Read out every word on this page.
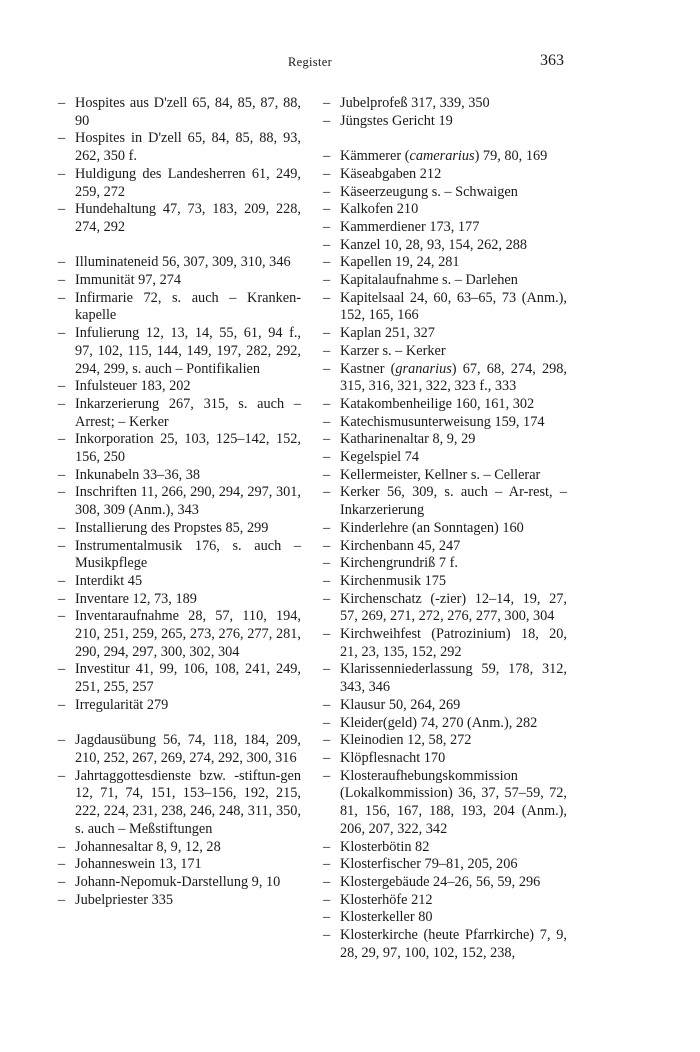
Register	363
– Hospites aus D'zell 65, 84, 85, 87, 88, 90
– Hospites in D'zell 65, 84, 85, 88, 93, 262, 350 f.
– Huldigung des Landesherren 61, 249, 259, 272
– Hundehaltung 47, 73, 183, 209, 228, 274, 292
– Illuminateneid 56, 307, 309, 310, 346
– Immunität 97, 274
– Infirmarie 72, s. auch – Kranken-kapelle
– Infulierung 12, 13, 14, 55, 61, 94 f., 97, 102, 115, 144, 149, 197, 282, 292, 294, 299, s. auch – Pontifikalien
– Infulsteuer 183, 202
– Inkarzerierung 267, 315, s. auch – Arrest; – Kerker
– Inkorporation 25, 103, 125–142, 152, 156, 250
– Inkunabeln 33–36, 38
– Inschriften 11, 266, 290, 294, 297, 301, 308, 309 (Anm.), 343
– Installierung des Propstes 85, 299
– Instrumentalmusik 176, s. auch – Musikpflege
– Interdikt 45
– Inventare 12, 73, 189
– Inventaraufnahme 28, 57, 110, 194, 210, 251, 259, 265, 273, 276, 277, 281, 290, 294, 297, 300, 302, 304
– Investitur 41, 99, 106, 108, 241, 249, 251, 255, 257
– Irregularität 279
– Jagdausübung 56, 74, 118, 184, 209, 210, 252, 267, 269, 274, 292, 300, 316
– Jahrtaggottesdienste bzw. -stiftun-gen 12, 71, 74, 151, 153–156, 192, 215, 222, 224, 231, 238, 246, 248, 311, 350, s. auch – Meßstiftungen
– Johannesaltar 8, 9, 12, 28
– Johanneswein 13, 171
– Johann-Nepomuk-Darstellung 9, 10
– Jubelpriester 335
– Jubelprofeß 317, 339, 350
– Jüngstes Gericht 19
– Kämmerer (camerarius) 79, 80, 169
– Käseabgaben 212
– Käseerzeugung s. – Schwaigen
– Kalkofen 210
– Kammerdiener 173, 177
– Kanzel 10, 28, 93, 154, 262, 288
– Kapellen 19, 24, 281
– Kapitalaufnahme s. – Darlehen
– Kapitelsaal 24, 60, 63–65, 73 (Anm.), 152, 165, 166
– Kaplan 251, 327
– Karzer s. – Kerker
– Kastner (granarius) 67, 68, 274, 298, 315, 316, 321, 322, 323 f., 333
– Katakombenheilige 160, 161, 302
– Katechismusunterweisung 159, 174
– Katharinenaltar 8, 9, 29
– Kegelspiel 74
– Kellermeister, Kellner s. – Cellerar
– Kerker 56, 309, s. auch – Ar-rest, – Inkarzerierung
– Kinderlehre (an Sonntagen) 160
– Kirchenbann 45, 247
– Kirchengrundriß 7 f.
– Kirchenmusik 175
– Kirchenschatz (-zier) 12–14, 19, 27, 57, 269, 271, 272, 276, 277, 300, 304
– Kirchweihfest (Patrozinium) 18, 20, 21, 23, 135, 152, 292
– Klarissenniederlassung 59, 178, 312, 343, 346
– Klausur 50, 264, 269
– Kleider(geld) 74, 270 (Anm.), 282
– Kleinodien 12, 58, 272
– Klöpflesnacht 170
– Klosteraufhebungskommission (Lokalkommission) 36, 37, 57–59, 72, 81, 156, 167, 188, 193, 204 (Anm.), 206, 207, 322, 342
– Klosterbötin 82
– Klosterfischer 79–81, 205, 206
– Klostergebäude 24–26, 56, 59, 296
– Klosterhöfe 212
– Klosterkeller 80
– Klosterkirche (heute Pfarrkirche) 7, 9, 28, 29, 97, 100, 102, 152, 238,
